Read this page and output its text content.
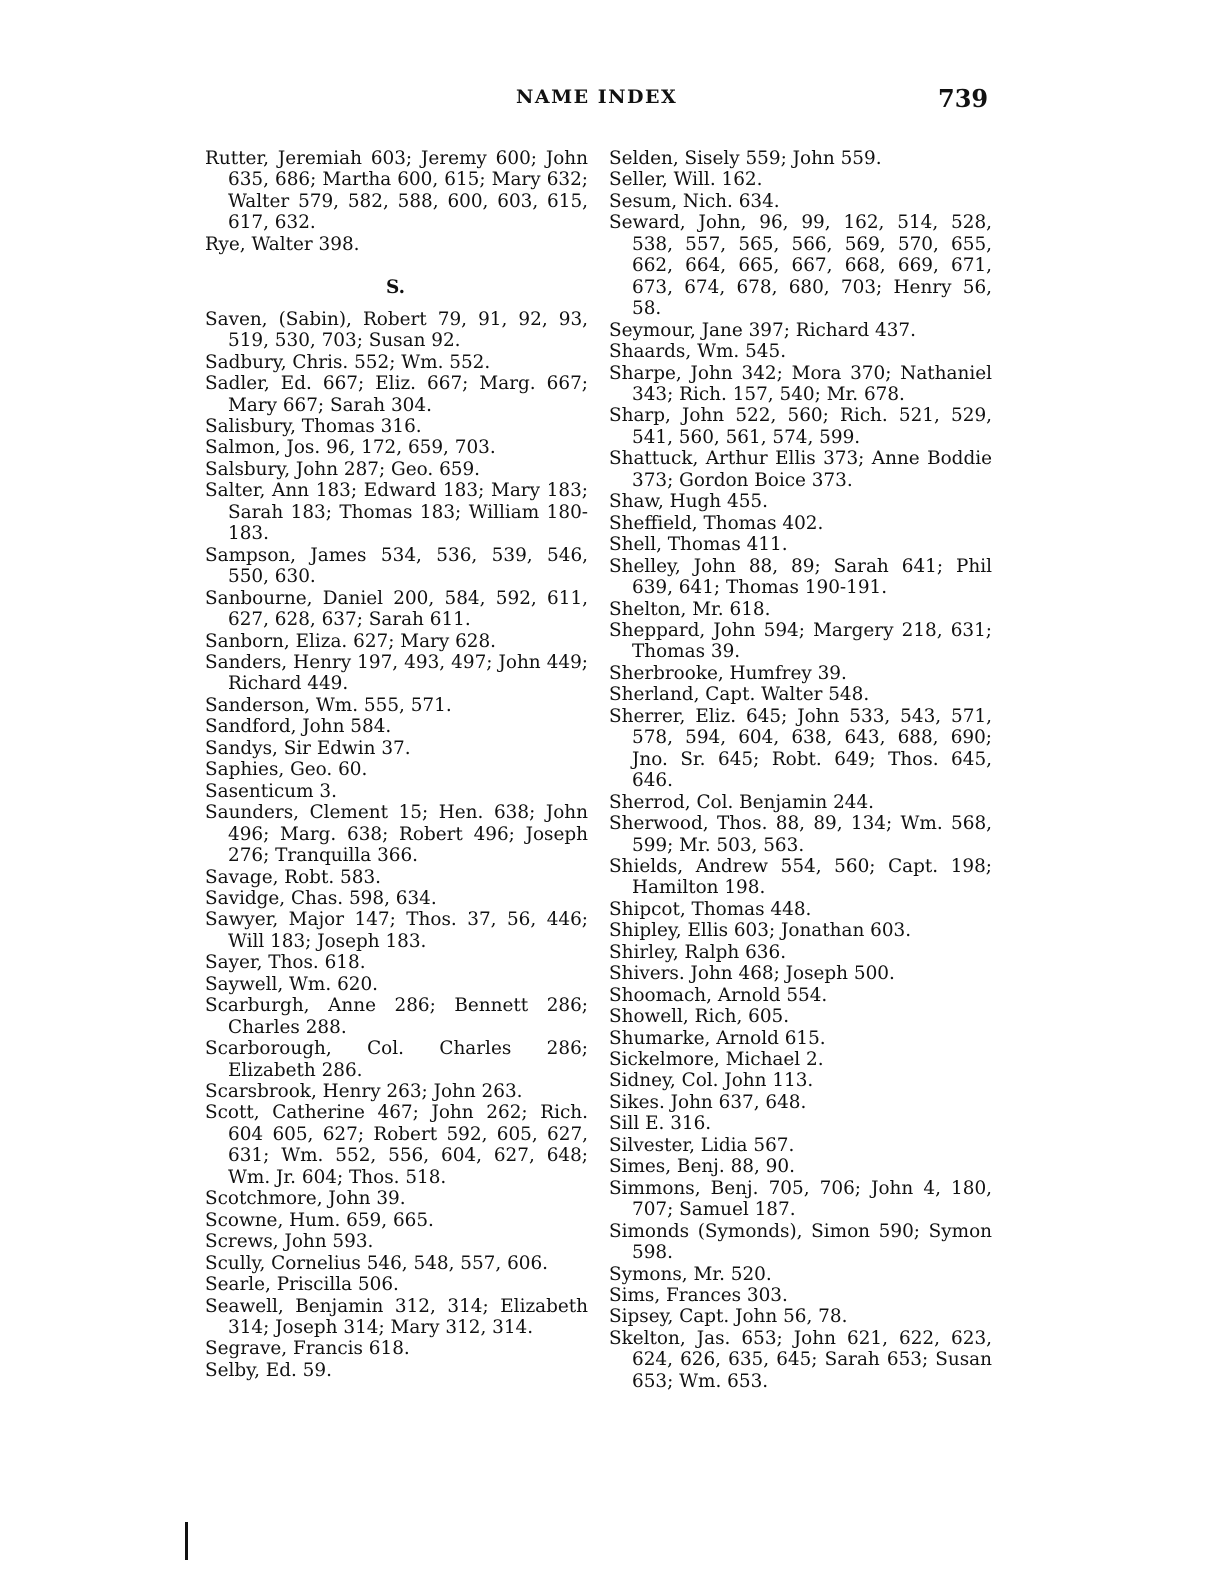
NAME INDEX	739

Rutter, Jeremiah 603; Jeremy 600; John 635, 686; Martha 600, 615; Mary 632; Walter 579, 582, 588, 600, 603, 615, 617, 632.

Rye, Walter 398.

S.

Saven, (Sabin), Robert 79, 91, 92, 93, 519, 530, 703; Susan 92.

Sadbury, Chris. 552; Wm. 552.

Sadler, Ed. 667; Eliz. 667; Marg. 667; Mary 667; Sarah 304.

Salisbury, Thomas 316.

Salmon, Jos. 96, 172, 659, 703.

Salsbury, John 287; Geo. 659.

Salter, Ann 183; Edward 183; Mary 183; Sarah 183; Thomas 183; William 180-183.

Sampson, James 534, 536, 539, 546, 550, 630.

Sanbourne, Daniel 200, 584, 592, 611, 627, 628, 637; Sarah 611.

Sanborn, Eliza. 627; Mary 628.

Sanders, Henry 197, 493, 497; John 449; Richard 449.

Sanderson, Wm. 555, 571.

Sandford, John 584.

Sandys, Sir Edwin 37.

Saphies, Geo. 60.

Sasenticum 3.

Saunders, Clement 15; Hen. 638; John 496; Marg. 638; Robert 496; Joseph 276; Tranquilla 366.

Savage, Robt. 583.

Savidge, Chas. 598, 634.

Sawyer, Major 147; Thos. 37, 56, 446; Will 183; Joseph 183.

Sayer, Thos. 618.

Saywell, Wm. 620.

Scarburgh, Anne 286; Bennett 286; Charles 288.

Scarborough, Col. Charles 286; Elizabeth 286.

Scarsbrook, Henry 263; John 263.

Scott, Catherine 467; John 262; Rich. 604 605, 627; Robert 592, 605, 627, 631; Wm. 552, 556, 604, 627, 648; Wm. Jr. 604; Thos. 518.

Scotchmore, John 39.

Scowne, Hum. 659, 665.

Screws, John 593.

Scully, Cornelius 546, 548, 557, 606.

Searle, Priscilla 506.

Seawell, Benjamin 312, 314; Elizabeth 314; Joseph 314; Mary 312, 314.

Segrave, Francis 618.

Selby, Ed. 59.

Selden, Sisely 559; John 559.

Seller, Will. 162.

Sesum, Nich. 634.

Seward, John, 96, 99, 162, 514, 528, 538, 557, 565, 566, 569, 570, 655, 662, 664, 665, 667, 668, 669, 671, 673, 674, 678, 680, 703; Henry 56, 58.

Seymour, Jane 397; Richard 437.

Shaards, Wm. 545.

Sharpe, John 342; Mora 370; Nathaniel 343; Rich. 157, 540; Mr. 678.

Sharp, John 522, 560; Rich. 521, 529, 541, 560, 561, 574, 599.

Shattuck, Arthur Ellis 373; Anne Boddie 373; Gordon Boice 373.

Shaw, Hugh 455.

Sheffield, Thomas 402.

Shell, Thomas 411.

Shelley, John 88, 89; Sarah 641; Phil 639, 641; Thomas 190-191.

Shelton, Mr. 618.

Sheppard, John 594; Margery 218, 631; Thomas 39.

Sherbrooke, Humfrey 39.

Sherland, Capt. Walter 548.

Sherrer, Eliz. 645; John 533, 543, 571, 578, 594, 604, 638, 643, 688, 690; Jno. Sr. 645; Robt. 649; Thos. 645, 646.

Sherrod, Col. Benjamin 244.

Sherwood, Thos. 88, 89, 134; Wm. 568, 599; Mr. 503, 563.

Shields, Andrew 554, 560; Capt. 198; Hamilton 198.

Shipcot, Thomas 448.

Shipley, Ellis 603; Jonathan 603.

Shirley, Ralph 636.

Shivers. John 468; Joseph 500.

Shoomach, Arnold 554.

Showell, Rich, 605.

Shumarke, Arnold 615.

Sickelmore, Michael 2.

Sidney, Col. John 113.

Sikes. John 637, 648.

Sill E. 316.

Silvester, Lidia 567.

Simes, Benj. 88, 90.

Simmons, Benj. 705, 706; John 4, 180, 707; Samuel 187.

Simonds (Symonds), Simon 590; Symon 598.

Symons, Mr. 520.

Sims, Frances 303.

Sipsey, Capt. John 56, 78.

Skelton, Jas. 653; John 621, 622, 623, 624, 626, 635, 645; Sarah 653; Susan 653; Wm. 653.
